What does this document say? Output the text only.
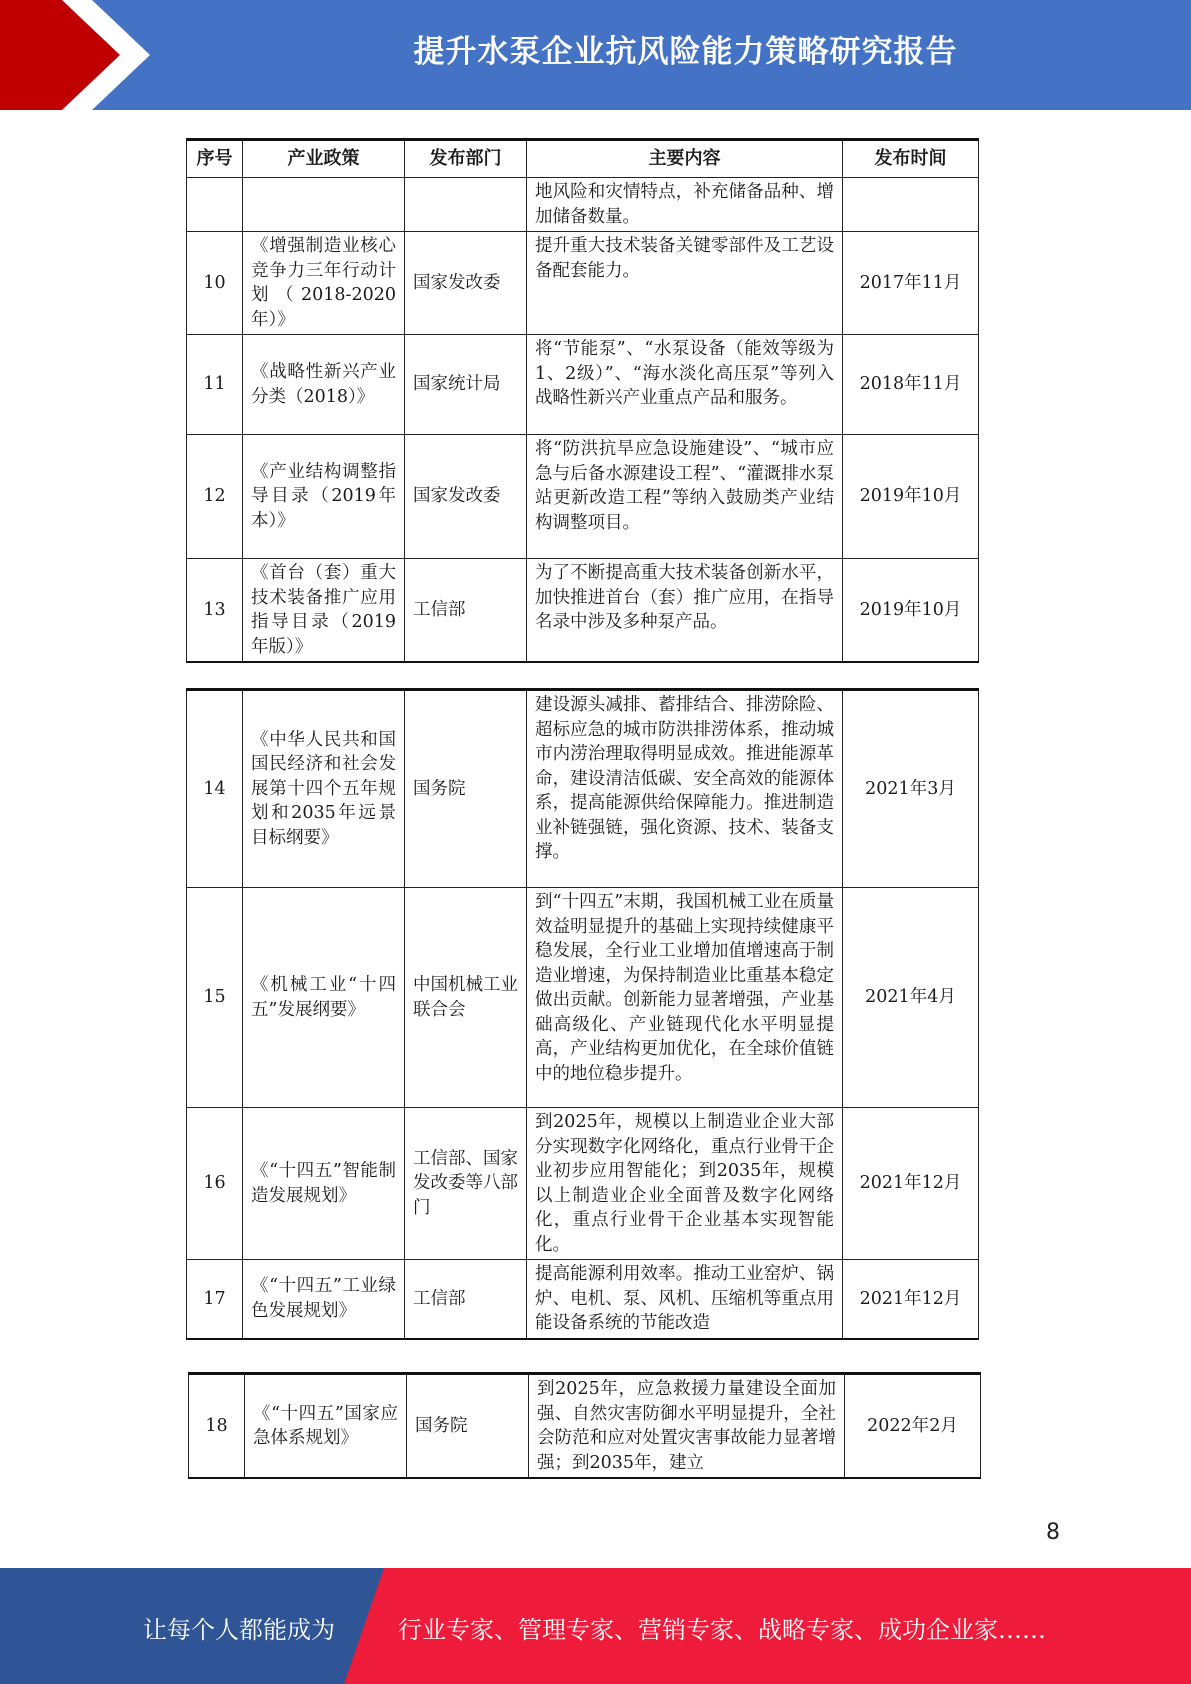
提升水泵企业抗风险能力策略研究报告
序号	产业政策	发布部门	主要内容	发布时间
			地风险和灾情特点，补充储备品种、增加储备数量。	
10	《增强制造业核心竞争力三年行动计划（2018-2020年）》	国家发改委	提升重大技术装备关键零部件及工艺设备配套能力。	2017年11月
11	《战略性新兴产业分类（2018）》	国家统计局	将“节能泵”、“水泵设备（能效等级为1、2级）”、“海水淡化高压泵”等列入战略性新兴产业重点产品和服务。	2018年11月
12	《产业结构调整指导目录（2019年本）》	国家发改委	将“防洪抗旱应急设施建设”、“城市应急与后备水源建设工程”、“灌溉排水泵站更新改造工程”等纳入鼓励类产业结构调整项目。	2019年10月
13	《首台（套）重大技术装备推广应用指导目录（2019年版）》	工信部	为了不断提高重大技术装备创新水平，加快推进首台（套）推广应用，在指导名录中涉及多种泵产品。	2019年10月
14	《中华人民共和国国民经济和社会发展第十四个五年规划和2035年远景目标纲要》	国务院	建设源头减排、蓄排结合、排涝除险、超标应急的城市防洪排涝体系，推动城市内涝治理取得明显成效。推进能源革命，建设清洁低碳、安全高效的能源体系，提高能源供给保障能力。推进制造业补链强链，强化资源、技术、装备支撑。	2021年3月
15	《机械工业“十四五”发展纲要》	中国机械工业联合会	到“十四五”末期，我国机械工业在质量效益明显提升的基础上实现持续健康平稳发展，全行业工业增加值增速高于制造业增速，为保持制造业比重基本稳定做出贡献。创新能力显著增强，产业基础高级化、产业链现代化水平明显提高，产业结构更加优化，在全球价值链中的地位稳步提升。	2021年4月
16	《“十四五”智能制造发展规划》	工信部、国家发改委等八部门	到2025年，规模以上制造业企业大部分实现数字化网络化，重点行业骨干企业初步应用智能化；到2035年，规模以上制造业企业全面普及数字化网络化，重点行业骨干企业基本实现智能化。	2021年12月
17	《“十四五”工业绿色发展规划》	工信部	提高能源利用效率。推动工业窑炉、锅炉、电机、泵、风机、压缩机等重点用能设备系统的节能改造	2021年12月
18	《“十四五”国家应急体系规划》	国务院	到2025年，应急救援力量建设全面加强、自然灾害防御水平明显提升，全社会防范和应对处置灾害事故能力显著增强；到2035年，建立	2022年2月
8
让每个人都能成为	行业专家、管理专家、营销专家、战略专家、成功企业家……
